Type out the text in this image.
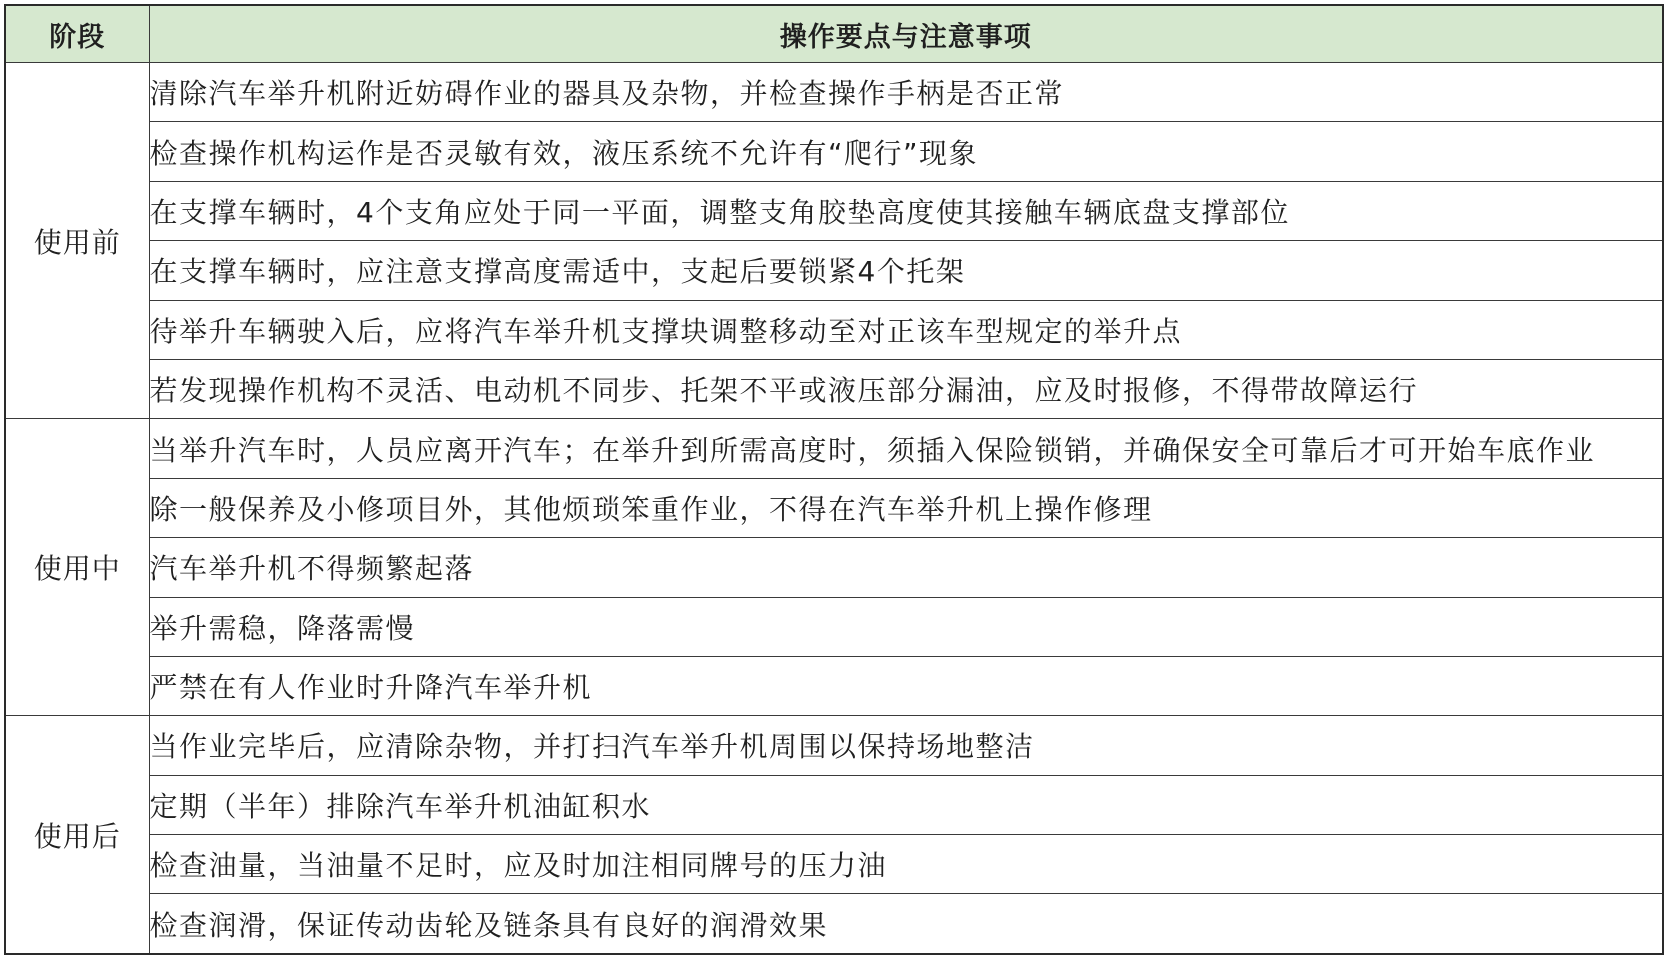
阶段	操作要点与注意事项
使用前	清除汽车举升机附近妨碍作业的器具及杂物，并检查操作手柄是否正常
	检查操作机构运作是否灵敏有效，液压系统不允许有“爬行”现象
	在支撑车辆时，4个支角应处于同一平面，调整支角胶垫高度使其接触车辆底盘支撑部位
	在支撑车辆时，应注意支撑高度需适中，支起后要锁紧4个托架
	待举升车辆驶入后，应将汽车举升机支撑块调整移动至对正该车型规定的举升点
	若发现操作机构不灵活、电动机不同步、托架不平或液压部分漏油，应及时报修，不得带故障运行
使用中	当举升汽车时，人员应离开汽车；在举升到所需高度时，须插入保险锁销，并确保安全可靠后才可开始车底作业
	除一般保养及小修项目外，其他烦琐笨重作业，不得在汽车举升机上操作修理
	汽车举升机不得频繁起落
	举升需稳，降落需慢
	严禁在有人作业时升降汽车举升机
使用后	当作业完毕后，应清除杂物，并打扫汽车举升机周围以保持场地整洁
	定期（半年）排除汽车举升机油缸积水
	检查油量，当油量不足时，应及时加注相同牌号的压力油
	检查润滑，保证传动齿轮及链条具有良好的润滑效果
